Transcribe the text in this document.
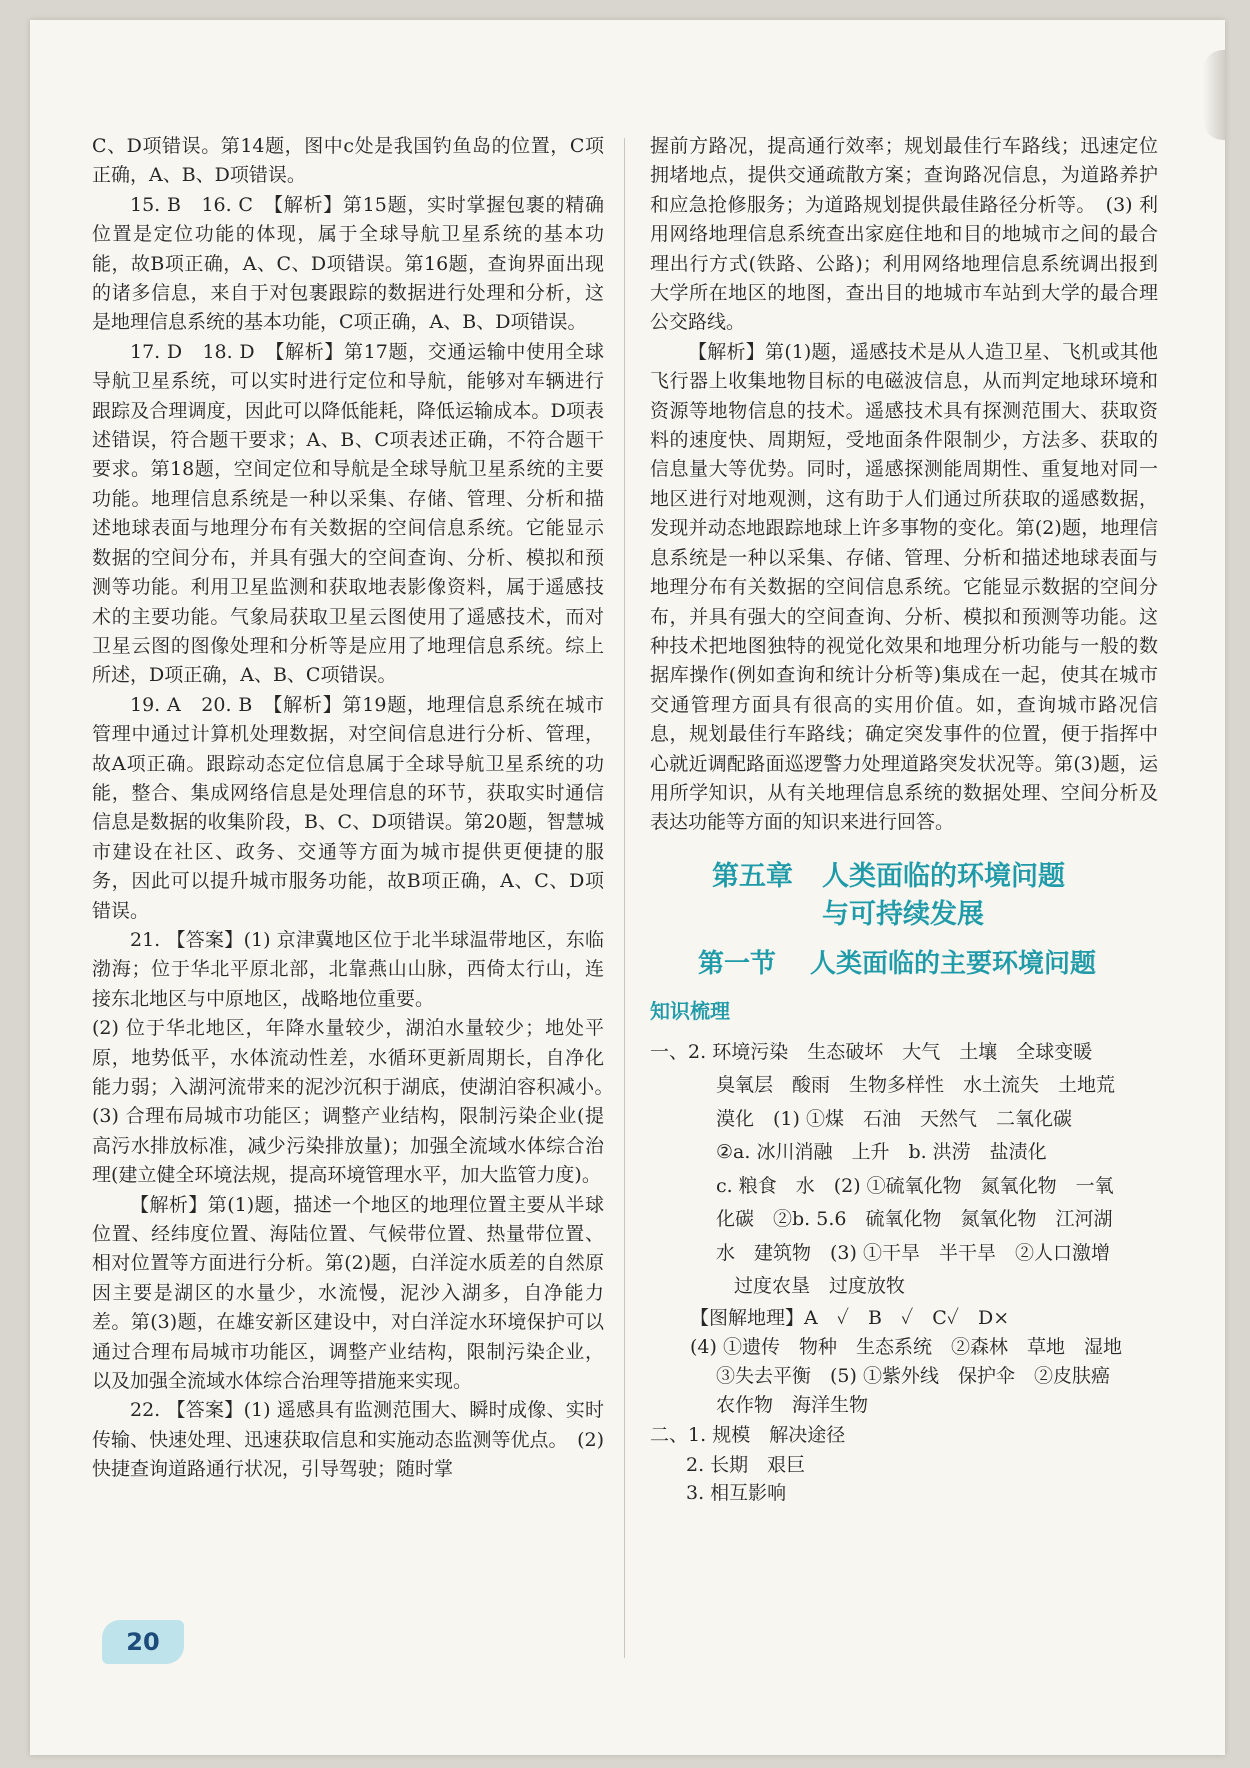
C、D项错误。第14题，图中c处是我国钓鱼岛的位置，C项正确，A、B、D项错误。

15. B　16. C　【解析】第15题，实时掌握包裹的精确位置是定位功能的体现，属于全球导航卫星系统的基本功能，故B项正确，A、C、D项错误。第16题，查询界面出现的诸多信息，来自于对包裹跟踪的数据进行处理和分析，这是地理信息系统的基本功能，C项正确，A、B、D项错误。

17. D　18. D　【解析】第17题，交通运输中使用全球导航卫星系统，可以实时进行定位和导航，能够对车辆进行跟踪及合理调度，因此可以降低能耗，降低运输成本。D项表述错误，符合题干要求；A、B、C项表述正确，不符合题干要求。第18题，空间定位和导航是全球导航卫星系统的主要功能。地理信息系统是一种以采集、存储、管理、分析和描述地球表面与地理分布有关数据的空间信息系统。它能显示数据的空间分布，并具有强大的空间查询、分析、模拟和预测等功能。利用卫星监测和获取地表影像资料，属于遥感技术的主要功能。气象局获取卫星云图使用了遥感技术，而对卫星云图的图像处理和分析等是应用了地理信息系统。综上所述，D项正确，A、B、C项错误。

19. A　20. B　【解析】第19题，地理信息系统在城市管理中通过计算机处理数据，对空间信息进行分析、管理，故A项正确。跟踪动态定位信息属于全球导航卫星系统的功能，整合、集成网络信息是处理信息的环节，获取实时通信信息是数据的收集阶段，B、C、D项错误。第20题，智慧城市建设在社区、政务、交通等方面为城市提供更便捷的服务，因此可以提升城市服务功能，故B项正确，A、C、D项错误。

21. 【答案】(1) 京津冀地区位于北半球温带地区，东临渤海；位于华北平原北部，北靠燕山山脉，西倚太行山，连接东北地区与中原地区，战略地位重要。

(2) 位于华北地区，年降水量较少，湖泊水量较少；地处平原，地势低平，水体流动性差，水循环更新周期长，自净化能力弱；入湖河流带来的泥沙沉积于湖底，使湖泊容积减小。　(3) 合理布局城市功能区；调整产业结构，限制污染企业(提高污水排放标准，减少污染排放量)；加强全流域水体综合治理(建立健全环境法规，提高环境管理水平，加大监管力度)。

【解析】第(1)题，描述一个地区的地理位置主要从半球位置、经纬度位置、海陆位置、气候带位置、热量带位置、相对位置等方面进行分析。第(2)题，白洋淀水质差的自然原因主要是湖区的水量少，水流慢，泥沙入湖多，自净能力差。第(3)题，在雄安新区建设中，对白洋淀水环境保护可以通过合理布局城市功能区，调整产业结构，限制污染企业，以及加强全流域水体综合治理等措施来实现。

22. 【答案】(1) 遥感具有监测范围大、瞬时成像、实时传输、快速处理、迅速获取信息和实施动态监测等优点。　(2) 快捷查询道路通行状况，引导驾驶；随时掌

握前方路况，提高通行效率；规划最佳行车路线；迅速定位拥堵地点，提供交通疏散方案；查询路况信息，为道路养护和应急抢修服务；为道路规划提供最佳路径分析等。　(3) 利用网络地理信息系统查出家庭住地和目的地城市之间的最合理出行方式(铁路、公路)；利用网络地理信息系统调出报到大学所在地区的地图，查出目的地城市车站到大学的最合理公交路线。

【解析】第(1)题，遥感技术是从人造卫星、飞机或其他飞行器上收集地物目标的电磁波信息，从而判定地球环境和资源等地物信息的技术。遥感技术具有探测范围大、获取资料的速度快、周期短，受地面条件限制少，方法多、获取的信息量大等优势。同时，遥感探测能周期性、重复地对同一地区进行对地观测，这有助于人们通过所获取的遥感数据，发现并动态地跟踪地球上许多事物的变化。第(2)题，地理信息系统是一种以采集、存储、管理、分析和描述地球表面与地理分布有关数据的空间信息系统。它能显示数据的空间分布，并具有强大的空间查询、分析、模拟和预测等功能。这种技术把地图独特的视觉化效果和地理分析功能与一般的数据库操作(例如查询和统计分析等)集成在一起，使其在城市交通管理方面具有很高的实用价值。如，查询城市路况信息，规划最佳行车路线；确定突发事件的位置，便于指挥中心就近调配路面巡逻警力处理道路突发状况等。第(3)题，运用所学知识，从有关地理信息系统的数据处理、空间分析及表达功能等方面的知识来进行回答。

第五章 人类面临的环境问题
与可持续发展
第一节 人类面临的主要环境问题
知识梳理
一、2. 环境污染　生态破坏　大气　土壤　全球变暖
臭氧层　酸雨　生物多样性　水土流失　土地荒
漠化　(1) ①煤　石油　天然气　二氧化碳
②a. 冰川消融　上升　b. 洪涝　盐渍化
c. 粮食　水　(2) ①硫氧化物　氮氧化物　一氧
化碳　②b. 5.6　硫氧化物　氮氧化物　江河湖
水　建筑物　(3) ①干旱　半干旱　②人口激增
过度农垦　过度放牧
【图解地理】A　✓　B　✓　C✓　D×
(4) ①遗传　物种　生态系统　②森林　草地　湿地
③失去平衡　(5) ①紫外线　保护伞　②皮肤癌
农作物　海洋生物
二、1. 规模　解决途径
2. 长期　艰巨
3. 相互影响
20
